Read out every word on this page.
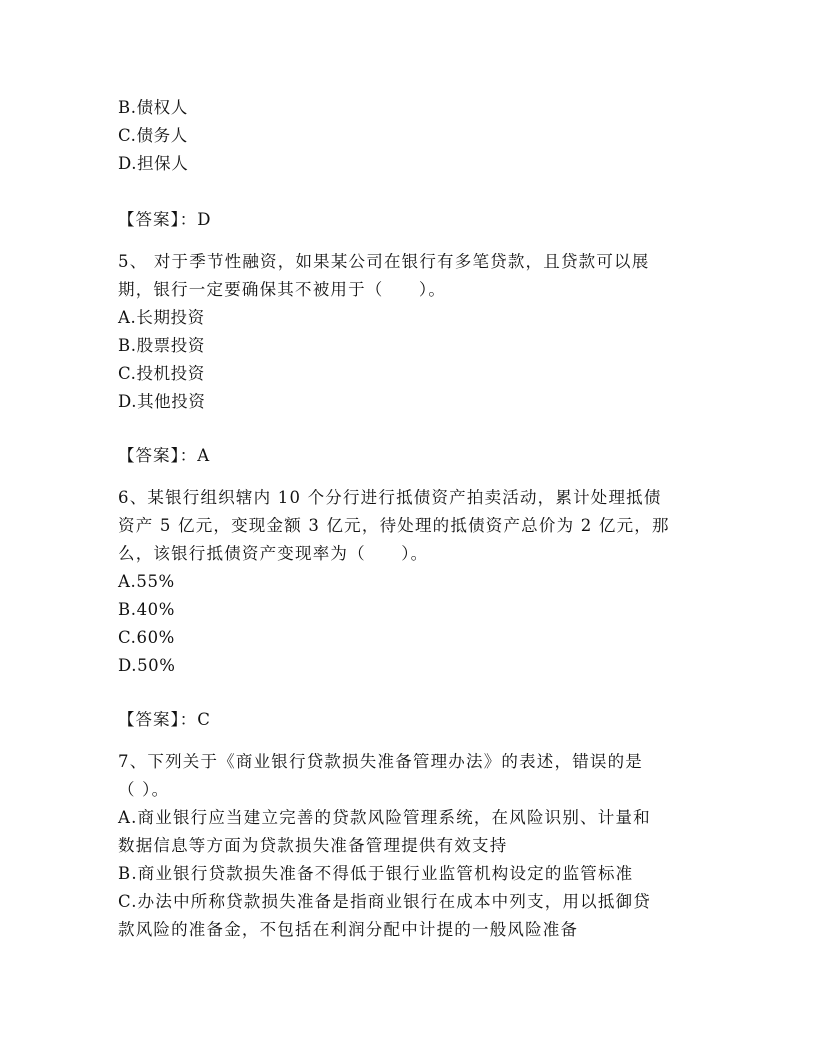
B.债权人
C.债务人
D.担保人
【答案】：D
5、 对于季节性融资，如果某公司在银行有多笔贷款，且贷款可以展
期，银行一定要确保其不被用于（　　）。
A.长期投资
B.股票投资
C.投机投资
D.其他投资
【答案】：A
6、某银行组织辖内 10 个分行进行抵债资产拍卖活动，累计处理抵债
资产 5 亿元，变现金额 3 亿元，待处理的抵债资产总价为 2 亿元，那
么，该银行抵债资产变现率为（　　）。
A.55%
B.40%
C.60%
D.50%
【答案】：C
7、下列关于《商业银行贷款损失准备管理办法》的表述，错误的是
（ ）。
A.商业银行应当建立完善的贷款风险管理系统，在风险识别、计量和
数据信息等方面为贷款损失准备管理提供有效支持
B.商业银行贷款损失准备不得低于银行业监管机构设定的监管标准
C.办法中所称贷款损失准备是指商业银行在成本中列支，用以抵御贷
款风险的准备金，不包括在利润分配中计提的一般风险准备
